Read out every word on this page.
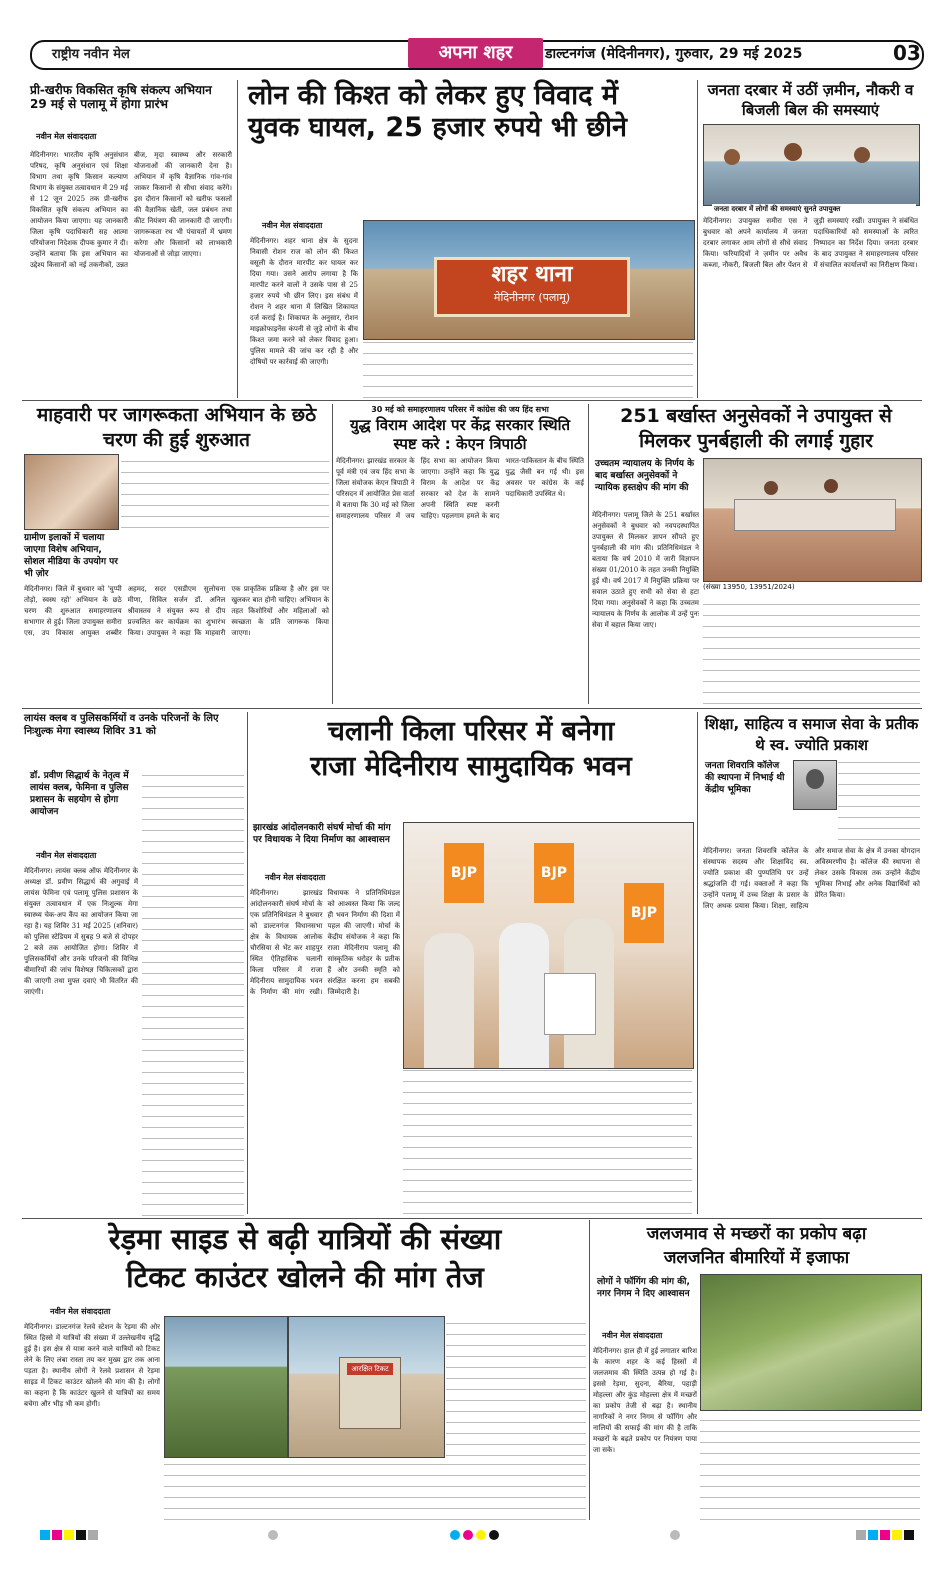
राष्ट्रीय नवीन मेल	अपना शहर	डाल्टनगंज (मेदिनीनगर), गुरुवार, 29 मई 2025	03
प्री-खरीफ विकसित कृषि संकल्प अभियान 29 मई से पलामू में होगा प्रारंभ
नवीन मेल संवाददाता
मेदिनीनगर। भारतीय कृषि अनुसंधान परिषद, कृषि अनुसंधान एवं शिक्षा विभाग तथा कृषि किसान कल्याण विभाग के संयुक्त तत्वावधान में 29 मई से 12 जून 2025 तक प्री-खरीफ विकसित कृषि संकल्प अभियान का आयोजन किया जाएगा। यह जानकारी जिला कृषि पदाधिकारी सह आत्मा परियोजना निदेशक दीपक कुमार ने दी। उन्होंने बताया कि इस अभियान का उद्देश्य किसानों को नई तकनीकों, उन्नत बीज, मृदा स्वास्थ्य और सरकारी योजनाओं की जानकारी देना है। अभियान में कृषि वैज्ञानिक गांव-गांव जाकर किसानों से सीधा संवाद करेंगे। इस दौरान किसानों को खरीफ फसलों की वैज्ञानिक खेती, जल प्रबंधन तथा कीट नियंत्रण की जानकारी दी जाएगी। जागरूकता रथ भी पंचायतों में भ्रमण करेगा और किसानों को लाभकारी योजनाओं से जोड़ा जाएगा।
लोन की किश्त को लेकर हुए विवाद में
युवक घायल, 25 हजार रुपये भी छीने
नवीन मेल संवाददाता
मेदिनीनगर। शहर थाना क्षेत्र के सुदना निवासी रोशन राज को लोन की किश्त वसूली के दौरान मारपीट कर घायल कर दिया गया। उसने आरोप लगाया है कि मारपीट करने वालों ने उसके पास से 25 हजार रुपये भी छीन लिए। इस संबंध में रोशन ने शहर थाना में लिखित शिकायत दर्ज कराई है। शिकायत के अनुसार, रोशन माइक्रोफाइनेंस कंपनी से जुड़े लोगों के बीच किश्त जमा करने को लेकर विवाद हुआ। पुलिस मामले की जांच कर रही है और दोषियों पर कार्रवाई की जाएगी।
शहर थाना
मेदिनीनगर (पलामू)
जनता दरबार में उठीं ज़मीन, नौकरी व बिजली बिल की समस्याएं
जनता दरबार में लोगों की समस्याएं सुनते उपायुक्त
मेदिनीनगर। उपायुक्त समीरा एस ने बुधवार को अपने कार्यालय में जनता दरबार लगाकर आम लोगों से सीधे संवाद किया। फरियादियों ने ज़मीन पर अवैध कब्जा, नौकरी, बिजली बिल और पेंशन से जुड़ी समस्याएं रखीं। उपायुक्त ने संबंधित पदाधिकारियों को समस्याओं के त्वरित निष्पादन का निर्देश दिया। जनता दरबार के बाद उपायुक्त ने समाहरणालय परिसर में संचालित कार्यालयों का निरीक्षण किया।
माहवारी पर जागरूकता अभियान के छठे चरण की हुई शुरुआत
ग्रामीण इलाकों में चलाया जाएगा विशेष अभियान, सोशल मीडिया के उपयोग पर भी ज़ोर
मेदिनीनगर। जिले में बुधवार को 'चुप्पी तोड़ो, स्वस्थ रहो' अभियान के छठे चरण की शुरुआत समाहरणालय सभागार से हुई। जिला उपायुक्त समीरा एस, उप विकास आयुक्त शब्बीर अहमद, सदर एसडीएम सुलोचना मीणा, सिविल सर्जन डॉ. अनिल श्रीवास्तव ने संयुक्त रूप से दीप प्रज्वलित कर कार्यक्रम का शुभारंभ किया। उपायुक्त ने कहा कि माहवारी एक प्राकृतिक प्रक्रिया है और इस पर खुलकर बात होनी चाहिए। अभियान के तहत किशोरियों और महिलाओं को स्वच्छता के प्रति जागरूक किया जाएगा।
30 मई को समाहरणालय परिसर में कांग्रेस की जय हिंद सभा
युद्ध विराम आदेश पर केंद्र सरकार स्थिति स्पष्ट करे : केएन त्रिपाठी
मेदिनीनगर। झारखंड सरकार के पूर्व मंत्री एवं जय हिंद सभा के जिला संयोजक केएन त्रिपाठी ने परिसदन में आयोजित प्रेस वार्ता में बताया कि 30 मई को जिला समाहरणालय परिसर में जय हिंद सभा का आयोजन किया जाएगा। उन्होंने कहा कि युद्ध विराम के आदेश पर केंद्र सरकार को देश के सामने अपनी स्थिति स्पष्ट करनी चाहिए। पहलगाम हमले के बाद भारत-पाकिस्तान के बीच स्थिति युद्ध जैसी बन गई थी। इस अवसर पर कांग्रेस के कई पदाधिकारी उपस्थित थे।
251 बर्खास्त अनुसेवकों ने उपायुक्त से मिलकर पुनर्बहाली की लगाई गुहार
उच्चतम न्यायालय के निर्णय के बाद बर्खास्त अनुसेवकों ने न्यायिक हस्तक्षेप की मांग की
मेदिनीनगर। पलामू जिले के 251 बर्खास्त अनुसेवकों ने बुधवार को नवपदस्थापित उपायुक्त से मिलकर ज्ञापन सौंपते हुए पुनर्बहाली की मांग की। प्रतिनिधिमंडल ने बताया कि वर्ष 2010 में जारी विज्ञापन संख्या 01/2010 के तहत उनकी नियुक्ति हुई थी। वर्ष 2017 में नियुक्ति प्रक्रिया पर सवाल उठाते हुए सभी को सेवा से हटा दिया गया। अनुसेवकों ने कहा कि उच्चतम न्यायालय के निर्णय के आलोक में उन्हें पुनः सेवा में बहाल किया जाए।
(संख्या 13950, 13951/2024)
लायंस क्लब व पुलिसकर्मियों व उनके परिजनों के लिए निःशुल्क मेगा स्वास्थ्य शिविर 31 को
डॉ. प्रवीण सिद्धार्थ के नेतृत्व में लायंस क्लब, फेमिना व पुलिस प्रशासन के सहयोग से होगा आयोजन
नवीन मेल संवाददाता
मेदिनीनगर। लायंस क्लब ऑफ मेदिनीनगर के अध्यक्ष डॉ. प्रवीण सिद्धार्थ की अगुवाई में लायंस फेमिना एवं पलामू पुलिस प्रशासन के संयुक्त तत्वावधान में एक निःशुल्क मेगा स्वास्थ्य चेक-अप कैंप का आयोजन किया जा रहा है। यह शिविर 31 मई 2025 (शनिवार) को पुलिस स्टेडियम में सुबह 9 बजे से दोपहर 2 बजे तक आयोजित होगा। शिविर में पुलिसकर्मियों और उनके परिजनों की विभिन्न बीमारियों की जांच विशेषज्ञ चिकित्सकों द्वारा की जाएगी तथा मुफ्त दवाएं भी वितरित की जाएंगी।
चलानी किला परिसर में बनेगा
राजा मेदिनीराय सामुदायिक भवन
झारखंड आंदोलनकारी संघर्ष मोर्चा की मांग पर विधायक ने दिया निर्माण का आश्वासन
नवीन मेल संवाददाता
मेदिनीनगर। झारखंड आंदोलनकारी संघर्ष मोर्चा के एक प्रतिनिधिमंडल ने बुधवार को डाल्टनगंज विधानसभा क्षेत्र के विधायक आलोक चौरसिया से भेंट कर शाहपुर स्थित ऐतिहासिक चलानी किला परिसर में राजा मेदिनीराय सामुदायिक भवन के निर्माण की मांग रखी। विधायक ने प्रतिनिधिमंडल को आश्वस्त किया कि जल्द ही भवन निर्माण की दिशा में पहल की जाएगी। मोर्चा के केंद्रीय संयोजक ने कहा कि राजा मेदिनीराय पलामू की सांस्कृतिक धरोहर के प्रतीक हैं और उनकी स्मृति को संरक्षित करना हम सबकी जिम्मेदारी है।
BJP	BJP
BJP
शिक्षा, साहित्य व समाज सेवा के प्रतीक थे स्व. ज्योति प्रकाश
जनता शिवरात्रि कॉलेज की स्थापना में निभाई थी केंद्रीय भूमिका
मेदिनीनगर। जनता शिवरात्रि कॉलेज के संस्थापक सदस्य और शिक्षाविद स्व. ज्योति प्रकाश की पुण्यतिथि पर उन्हें श्रद्धांजलि दी गई। वक्ताओं ने कहा कि उन्होंने पलामू में उच्च शिक्षा के प्रसार के लिए अथक प्रयास किया। शिक्षा, साहित्य और समाज सेवा के क्षेत्र में उनका योगदान अविस्मरणीय है। कॉलेज की स्थापना से लेकर उसके विकास तक उन्होंने केंद्रीय भूमिका निभाई और अनेक विद्यार्थियों को प्रेरित किया।
रेड़मा साइड से बढ़ी यात्रियों की संख्या
टिकट काउंटर खोलने की मांग तेज
नवीन मेल संवाददाता
मेदिनीनगर। डाल्टनगंज रेलवे स्टेशन के रेड़मा की ओर स्थित हिस्से में यात्रियों की संख्या में उल्लेखनीय वृद्धि हुई है। इस क्षेत्र से यात्रा करने वाले यात्रियों को टिकट लेने के लिए लंबा रास्ता तय कर मुख्य द्वार तक आना पड़ता है। स्थानीय लोगों ने रेलवे प्रशासन से रेड़मा साइड में टिकट काउंटर खोलने की मांग की है। लोगों का कहना है कि काउंटर खुलने से यात्रियों का समय बचेगा और भीड़ भी कम होगी।
आरक्षित टिकट
जलजमाव से मच्छरों का प्रकोप बढ़ा
जलजनित बीमारियों में इजाफा
लोगों ने फॉगिंग की मांग की, नगर निगम ने दिए आश्वासन
नवीन मेल संवाददाता
मेदिनीनगर। हाल ही में हुई लगातार बारिश के कारण शहर के कई हिस्सों में जलजमाव की स्थिति उत्पन्न हो गई है। इससे रेड़मा, सुदना, बैरिया, पहाड़ी मोहल्ला और कुंड मोहल्ला क्षेत्र में मच्छरों का प्रकोप तेजी से बढ़ा है। स्थानीय नागरिकों ने नगर निगम से फॉगिंग और नालियों की सफाई की मांग की है ताकि मच्छरों के बढ़ते प्रकोप पर नियंत्रण पाया जा सके।
